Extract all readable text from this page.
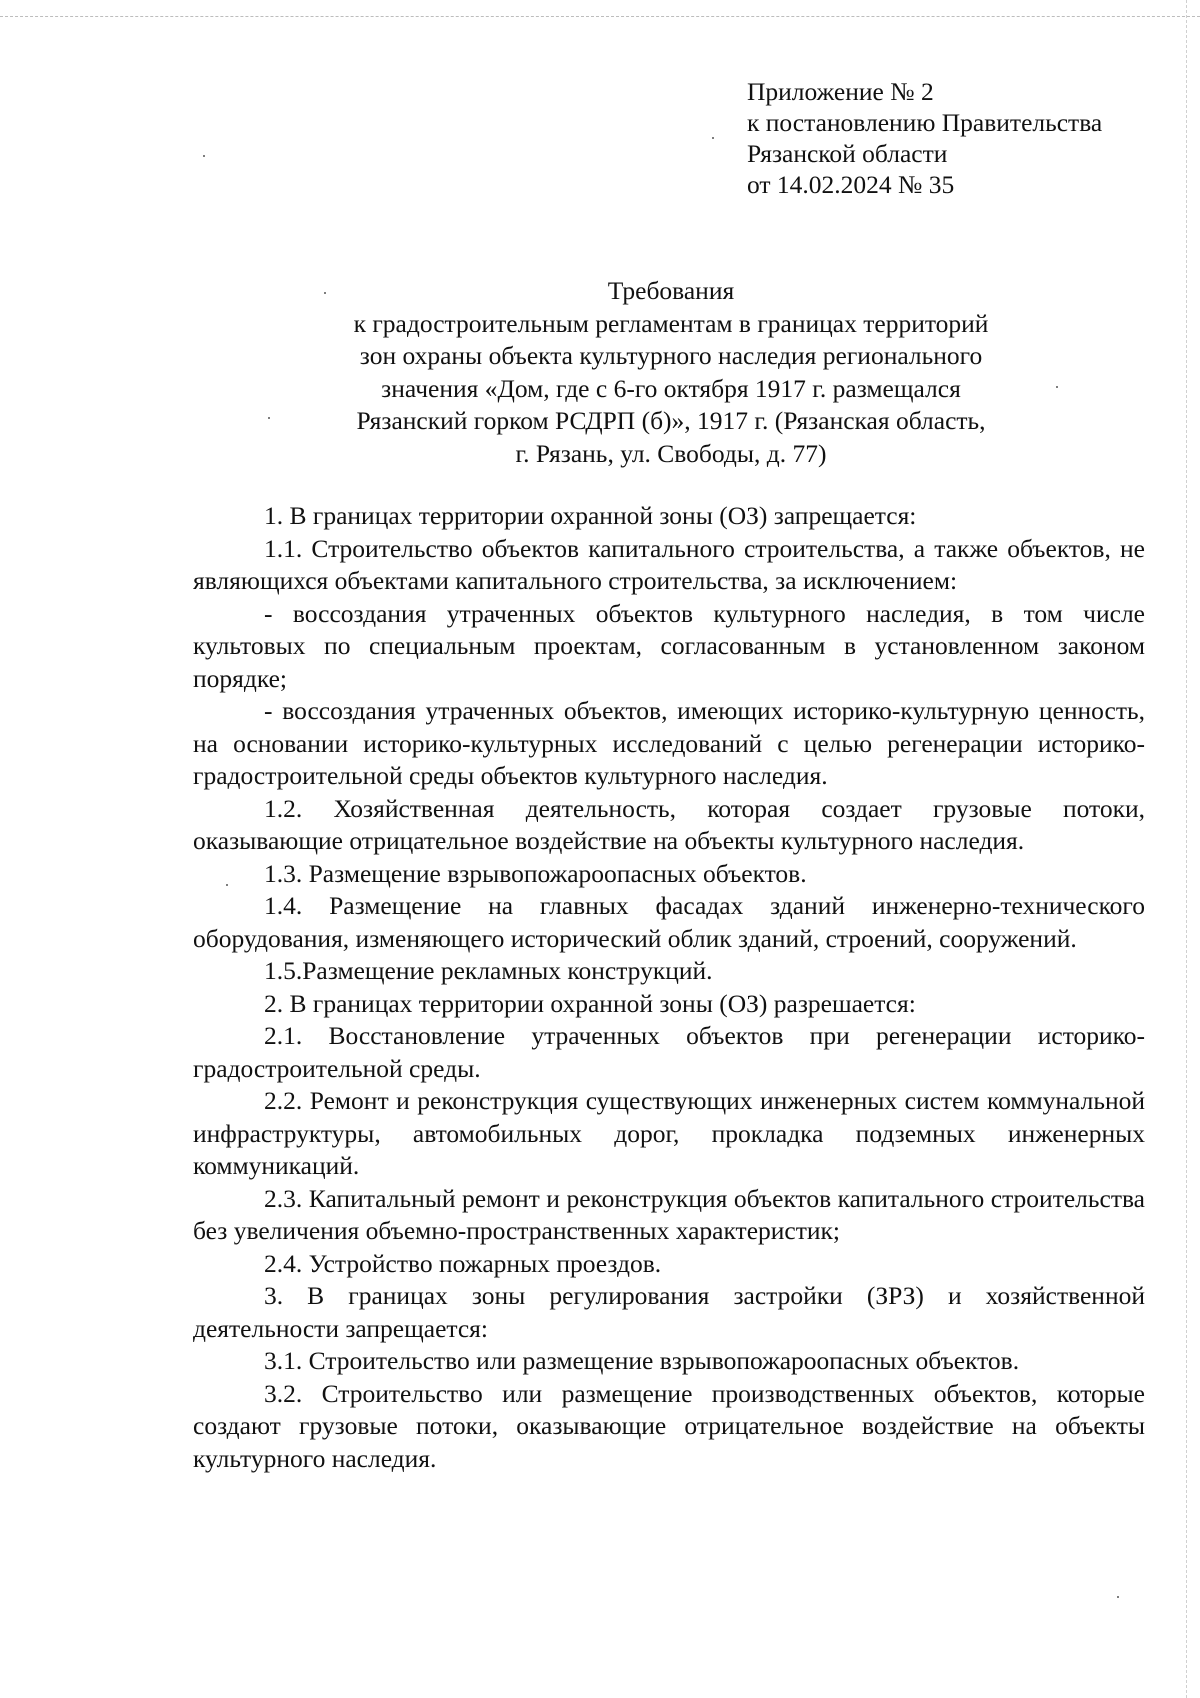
Приложение № 2
к постановлению Правительства
Рязанской области
от 14.02.2024 № 35
Требования
к градостроительным регламентам в границах территорий
зон охраны объекта культурного наследия регионального
значения «Дом, где с 6-го октября 1917 г. размещался
Рязанский горком РСДРП (б)», 1917 г. (Рязанская область,
г. Рязань, ул. Свободы, д. 77)

1. В границах территории охранной зоны (ОЗ) запрещается:

1.1. Строительство объектов капитального строительства, а также объектов, не являющихся объектами капитального строительства, за исключением:

- воссоздания утраченных объектов культурного наследия, в том числе культовых по специальным проектам, согласованным в установленном законом порядке;

- воссоздания утраченных объектов, имеющих историко-культурную ценность, на основании историко-культурных исследований с целью регенерации историко-градостроительной среды объектов культурного наследия.

1.2. Хозяйственная деятельность, которая создает грузовые потоки, оказывающие отрицательное воздействие на объекты культурного наследия.

1.3. Размещение взрывопожароопасных объектов.

1.4. Размещение на главных фасадах зданий инженерно-технического оборудования, изменяющего исторический облик зданий, строений, сооружений.

1.5.Размещение рекламных конструкций.

2. В границах территории охранной зоны (ОЗ) разрешается:

2.1. Восстановление утраченных объектов при регенерации историко-градостроительной среды.

2.2. Ремонт и реконструкция существующих инженерных систем коммунальной инфраструктуры, автомобильных дорог, прокладка подземных инженерных коммуникаций.

2.3. Капитальный ремонт и реконструкция объектов капитального строительства без увеличения объемно-пространственных характеристик;

2.4. Устройство пожарных проездов.

3. В границах зоны регулирования застройки (ЗРЗ) и хозяйственной деятельности запрещается:

3.1. Строительство или размещение взрывопожароопасных объектов.

3.2. Строительство или размещение производственных объектов, которые создают грузовые потоки, оказывающие отрицательное воздействие на объекты культурного наследия.
